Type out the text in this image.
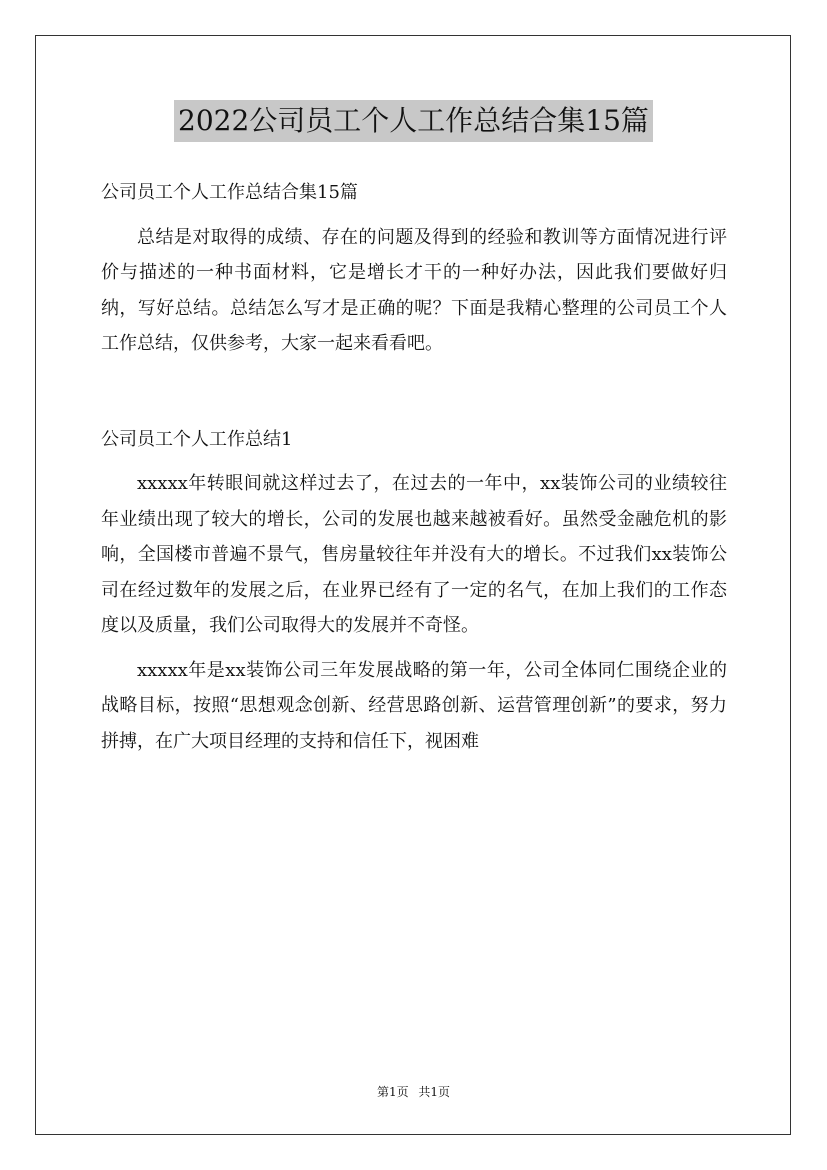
2022公司员工个人工作总结合集15篇

公司员工个人工作总结合集15篇

总结是对取得的成绩、存在的问题及得到的经验和教训等方面情况进行评价与描述的一种书面材料，它是增长才干的一种好办法，因此我们要做好归纳，写好总结。总结怎么写才是正确的呢？下面是我精心整理的公司员工个人工作总结，仅供参考，大家一起来看看吧。

公司员工个人工作总结1

xxxxx年转眼间就这样过去了，在过去的一年中，xx装饰公司的业绩较往年业绩出现了较大的增长，公司的发展也越来越被看好。虽然受金融危机的影响，全国楼市普遍不景气，售房量较往年并没有大的增长。不过我们xx装饰公司在经过数年的发展之后，在业界已经有了一定的名气，在加上我们的工作态度以及质量，我们公司取得大的发展并不奇怪。

xxxxx年是xx装饰公司三年发展战略的第一年，公司全体同仁围绕企业的战略目标，按照“思想观念创新、经营思路创新、运营管理创新”的要求，努力拼搏，在广大项目经理的支持和信任下，视困难

第1页 共1页
